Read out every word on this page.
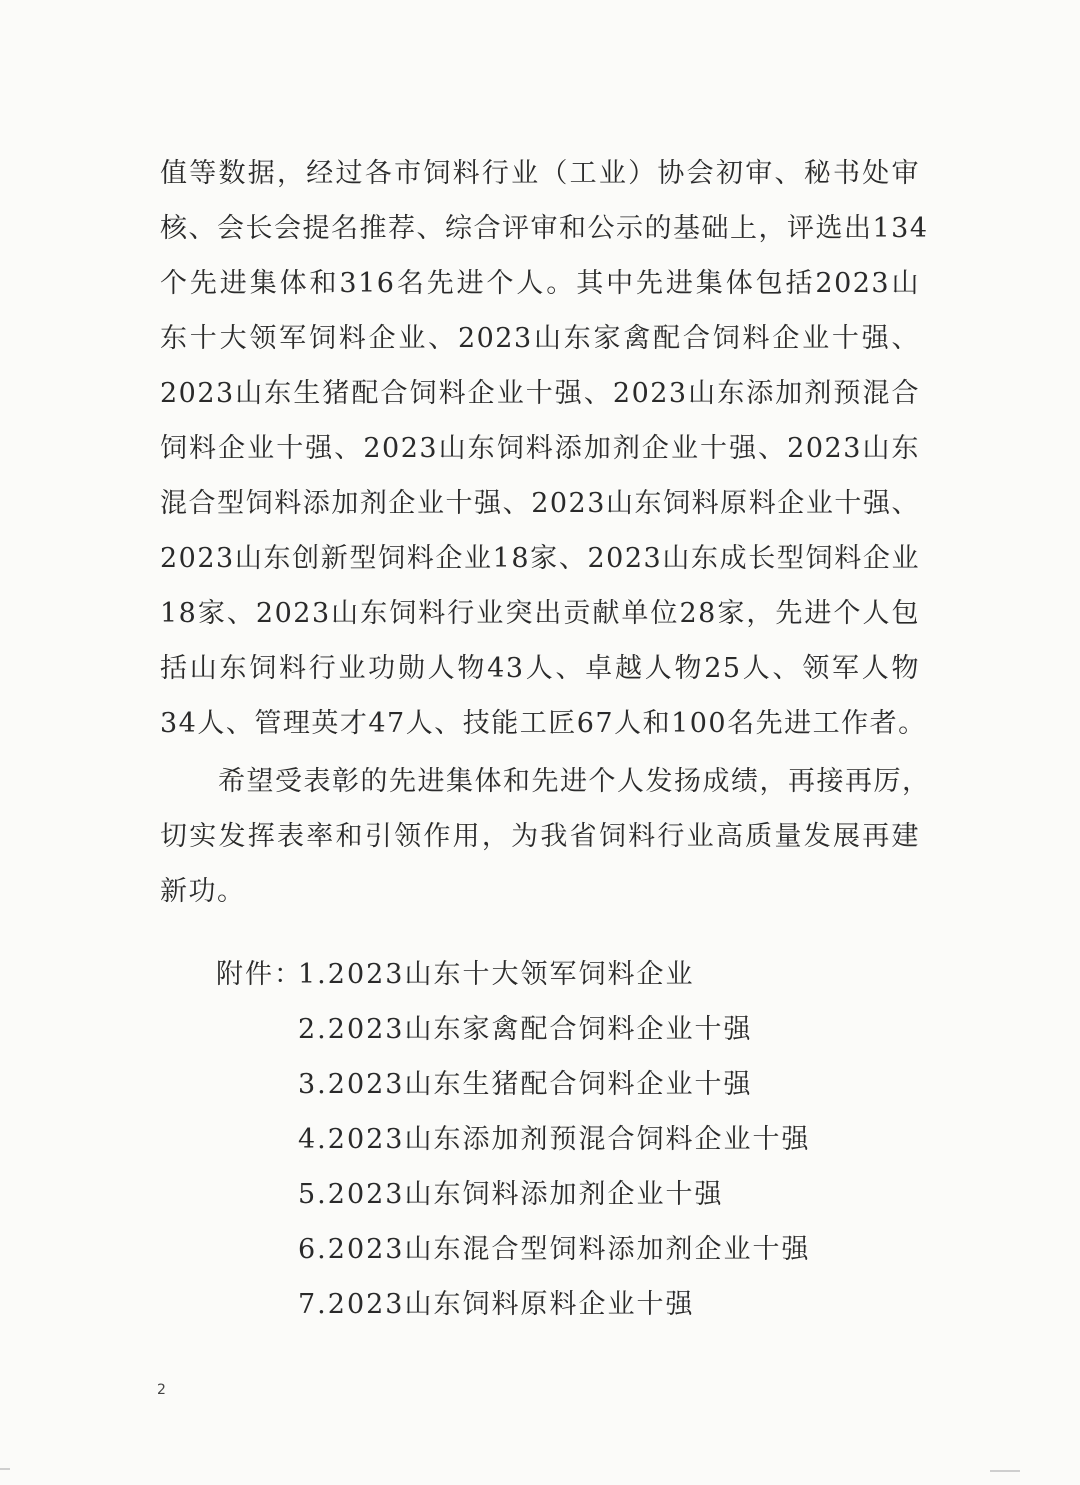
值等数据，经过各市饲料行业（工业）协会初审、秘书处审
核、会长会提名推荐、综合评审和公示的基础上，评选出134
个先进集体和316名先进个人。其中先进集体包括2023山
东十大领军饲料企业、2023山东家禽配合饲料企业十强、
2023山东生猪配合饲料企业十强、2023山东添加剂预混合
饲料企业十强、2023山东饲料添加剂企业十强、2023山东
混合型饲料添加剂企业十强、2023山东饲料原料企业十强、
2023山东创新型饲料企业18家、2023山东成长型饲料企业
18家、2023山东饲料行业突出贡献单位28家，先进个人包
括山东饲料行业功勋人物43人、卓越人物25人、领军人物
34人、管理英才47人、技能工匠67人和100名先进工作者。
希望受表彰的先进集体和先进个人发扬成绩，再接再厉，
切实发挥表率和引领作用，为我省饲料行业高质量发展再建
新功。
附件：
1.2023山东十大领军饲料企业
2.2023山东家禽配合饲料企业十强
3.2023山东生猪配合饲料企业十强
4.2023山东添加剂预混合饲料企业十强
5.2023山东饲料添加剂企业十强
6.2023山东混合型饲料添加剂企业十强
7.2023山东饲料原料企业十强
2
